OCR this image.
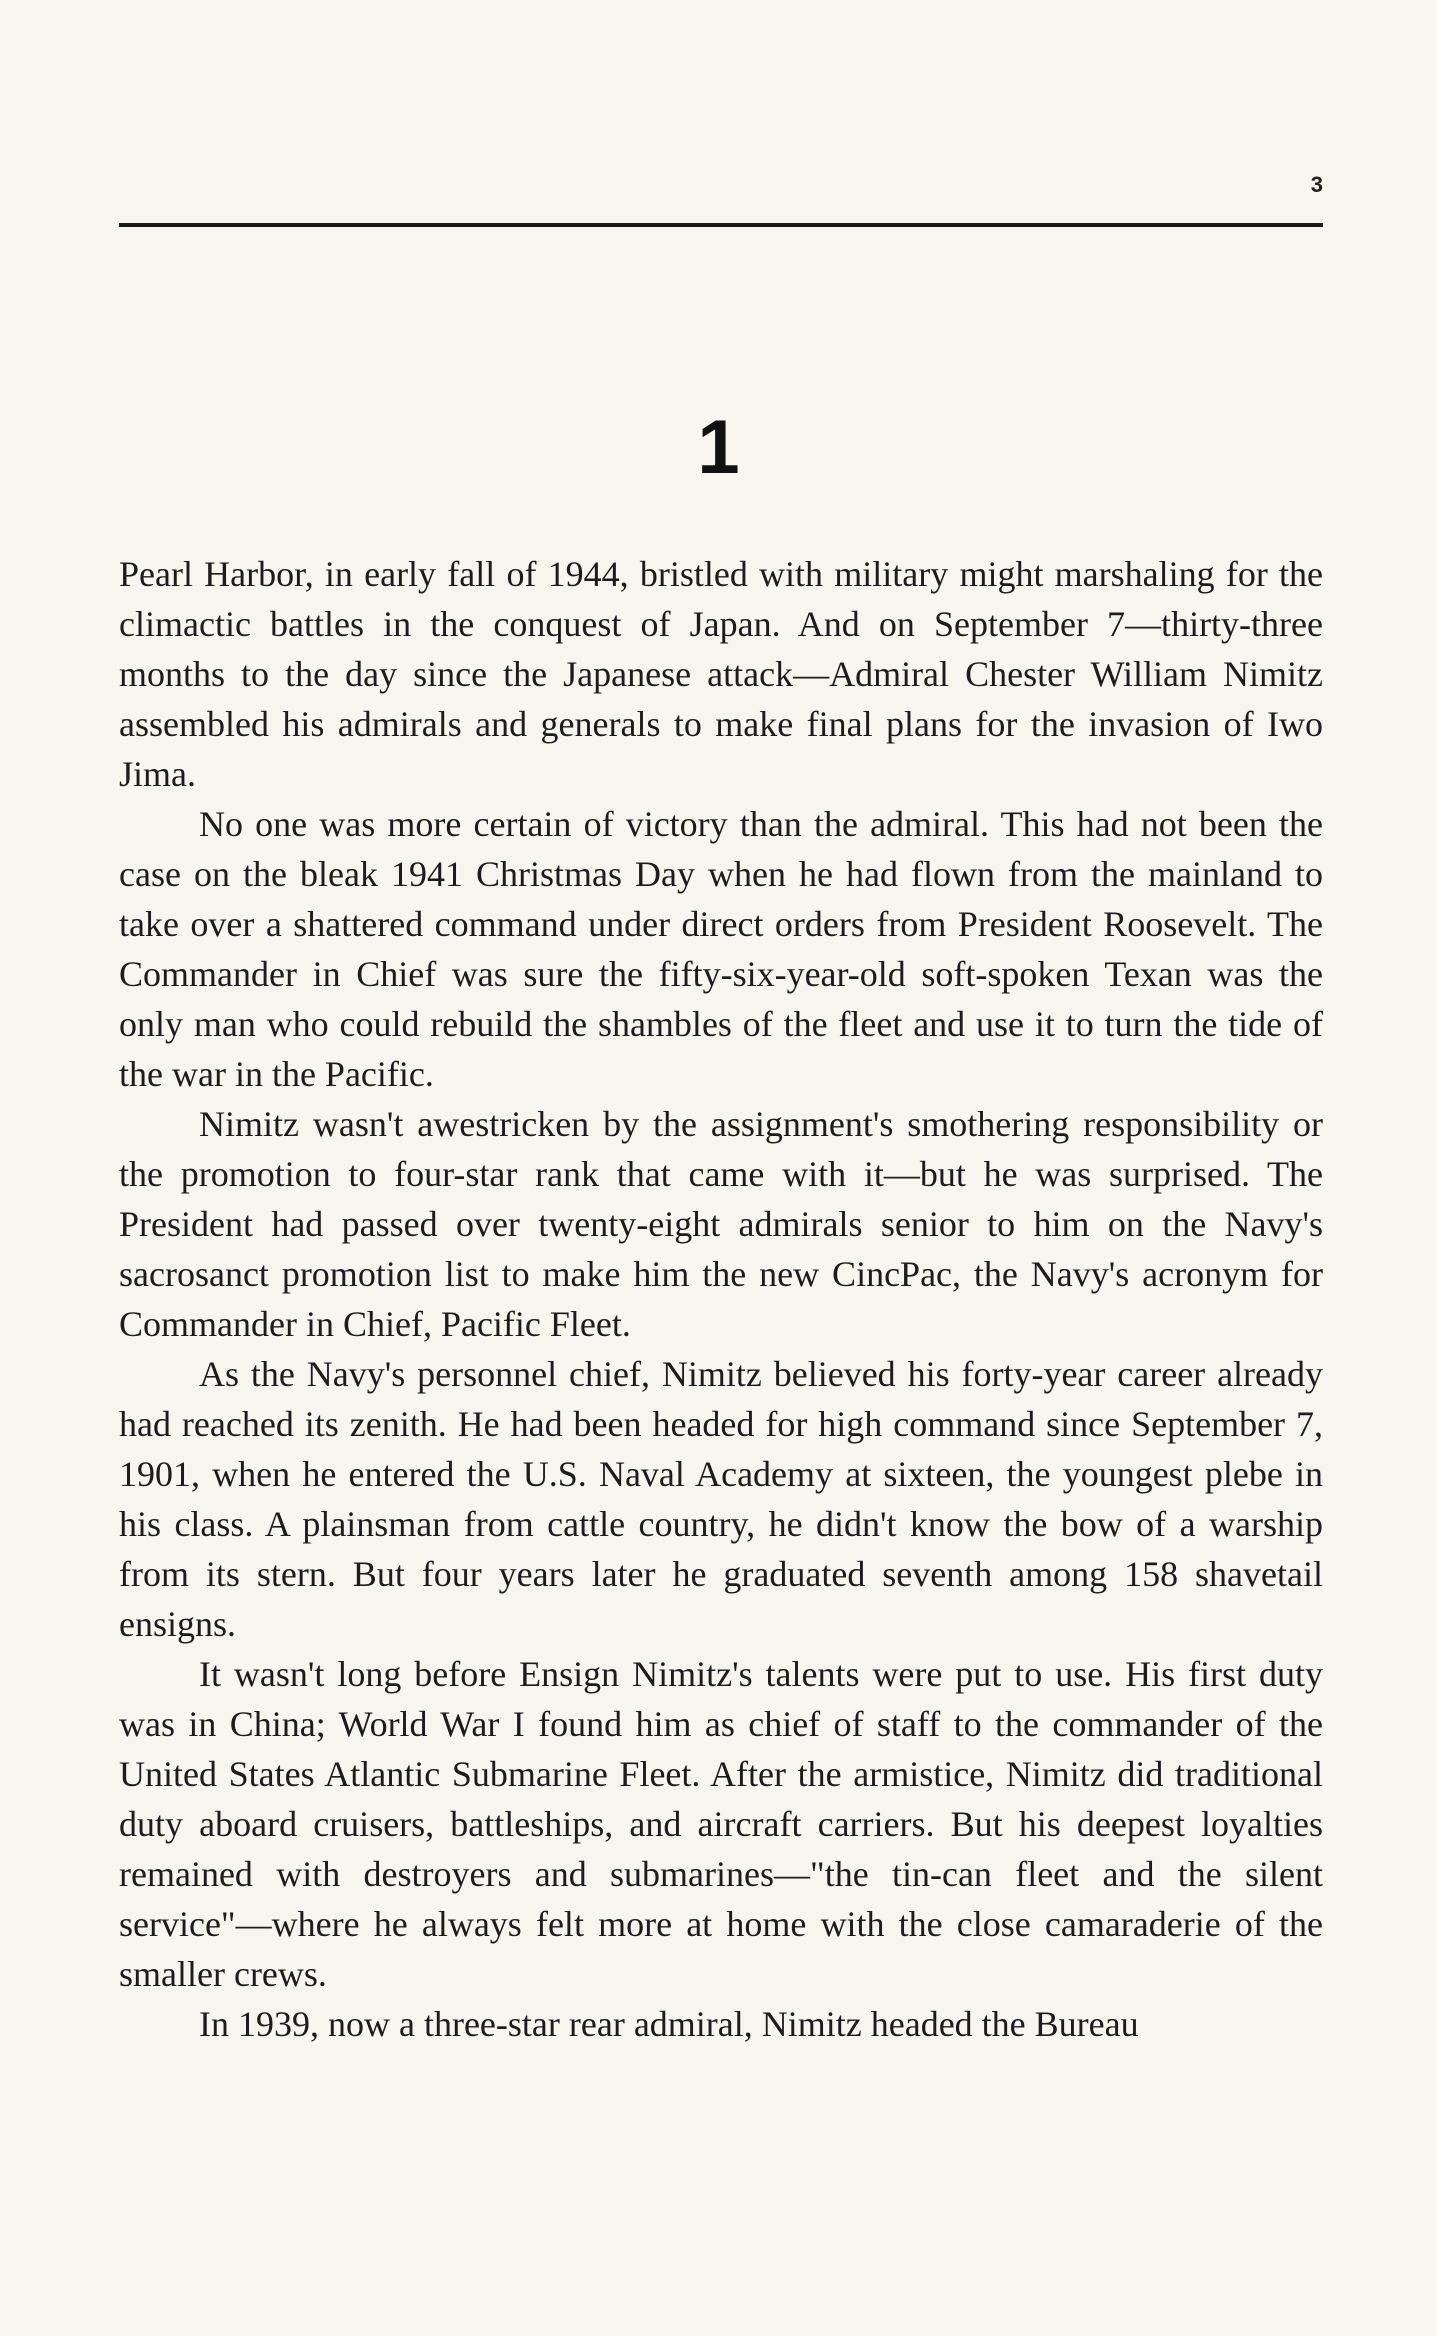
3
1

Pearl Harbor, in early fall of 1944, bristled with military might marshaling for the climactic battles in the conquest of Japan. And on September 7—thirty-three months to the day since the Japanese attack—Admiral Chester William Nimitz assembled his admirals and generals to make final plans for the invasion of Iwo Jima.

No one was more certain of victory than the admiral. This had not been the case on the bleak 1941 Christmas Day when he had flown from the mainland to take over a shattered command under direct orders from President Roosevelt. The Commander in Chief was sure the fifty-six-year-old soft-spoken Texan was the only man who could rebuild the shambles of the fleet and use it to turn the tide of the war in the Pacific.

Nimitz wasn't awestricken by the assignment's smothering responsibility or the promotion to four-star rank that came with it—but he was surprised. The President had passed over twenty-eight admirals senior to him on the Navy's sacrosanct promotion list to make him the new CincPac, the Navy's acronym for Commander in Chief, Pacific Fleet.

As the Navy's personnel chief, Nimitz believed his forty-year career already had reached its zenith. He had been headed for high command since September 7, 1901, when he entered the U.S. Naval Academy at sixteen, the youngest plebe in his class. A plainsman from cattle country, he didn't know the bow of a warship from its stern. But four years later he graduated seventh among 158 shavetail ensigns.

It wasn't long before Ensign Nimitz's talents were put to use. His first duty was in China; World War I found him as chief of staff to the commander of the United States Atlantic Submarine Fleet. After the armistice, Nimitz did traditional duty aboard cruisers, battleships, and aircraft carriers. But his deepest loyalties remained with destroyers and submarines—"the tin-can fleet and the silent service"—where he always felt more at home with the close camaraderie of the smaller crews.

In 1939, now a three-star rear admiral, Nimitz headed the Bureau
